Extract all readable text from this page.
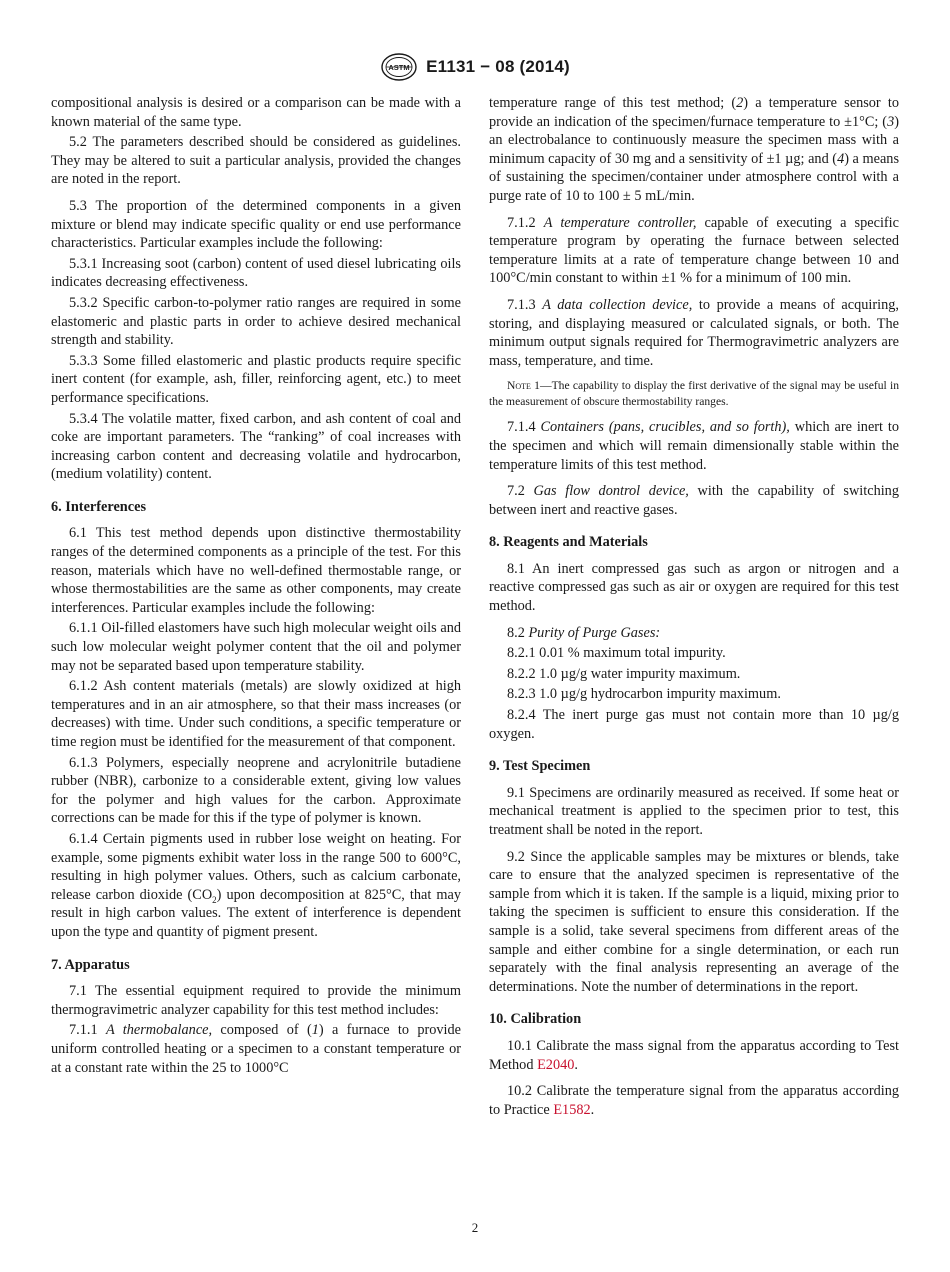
ASTM E1131 − 08 (2014)
compositional analysis is desired or a comparison can be made with a known material of the same type.
5.2 The parameters described should be considered as guidelines. They may be altered to suit a particular analysis, provided the changes are noted in the report.
5.3 The proportion of the determined components in a given mixture or blend may indicate specific quality or end use performance characteristics. Particular examples include the following:
5.3.1 Increasing soot (carbon) content of used diesel lubricating oils indicates decreasing effectiveness.
5.3.2 Specific carbon-to-polymer ratio ranges are required in some elastomeric and plastic parts in order to achieve desired mechanical strength and stability.
5.3.3 Some filled elastomeric and plastic products require specific inert content (for example, ash, filler, reinforcing agent, etc.) to meet performance specifications.
5.3.4 The volatile matter, fixed carbon, and ash content of coal and coke are important parameters. The “ranking” of coal increases with increasing carbon content and decreasing volatile and hydrocarbon, (medium volatility) content.
6. Interferences
6.1 This test method depends upon distinctive thermostability ranges of the determined components as a principle of the test. For this reason, materials which have no well-defined thermostable range, or whose thermostabilities are the same as other components, may create interferences. Particular examples include the following:
6.1.1 Oil-filled elastomers have such high molecular weight oils and such low molecular weight polymer content that the oil and polymer may not be separated based upon temperature stability.
6.1.2 Ash content materials (metals) are slowly oxidized at high temperatures and in an air atmosphere, so that their mass increases (or decreases) with time. Under such conditions, a specific temperature or time region must be identified for the measurement of that component.
6.1.3 Polymers, especially neoprene and acrylonitrile butadiene rubber (NBR), carbonize to a considerable extent, giving low values for the polymer and high values for the carbon. Approximate corrections can be made for this if the type of polymer is known.
6.1.4 Certain pigments used in rubber lose weight on heating. For example, some pigments exhibit water loss in the range 500 to 600°C, resulting in high polymer values. Others, such as calcium carbonate, release carbon dioxide $(CO_2)$ upon decomposition at 825°C, that may result in high carbon values. The extent of interference is dependent upon the type and quantity of pigment present.
7. Apparatus
7.1 The essential equipment required to provide the minimum thermogravimetric analyzer capability for this test method includes:
7.1.1 A thermobalance, composed of (1) a furnace to provide uniform controlled heating or a specimen to a constant temperature or at a constant rate within the 25 to 1000°C
temperature range of this test method; (2) a temperature sensor to provide an indication of the specimen/furnace temperature to ±1°C; (3) an electrobalance to continuously measure the specimen mass with a minimum capacity of 30 mg and a sensitivity of ±1 µg; and (4) a means of sustaining the specimen/container under atmosphere control with a purge rate of 10 to 100 ± 5 mL/min.
7.1.2 A temperature controller, capable of executing a specific temperature program by operating the furnace between selected temperature limits at a rate of temperature change between 10 and 100°C/min constant to within ±1 % for a minimum of 100 min.
7.1.3 A data collection device, to provide a means of acquiring, storing, and displaying measured or calculated signals, or both. The minimum output signals required for Thermogravimetric analyzers are mass, temperature, and time.
Note 1—The capability to display the first derivative of the signal may be useful in the measurement of obscure thermostability ranges.
7.1.4 Containers (pans, crucibles, and so forth), which are inert to the specimen and which will remain dimensionally stable within the temperature limits of this test method.
7.2 Gas flow dontrol device, with the capability of switching between inert and reactive gases.
8. Reagents and Materials
8.1 An inert compressed gas such as argon or nitrogen and a reactive compressed gas such as air or oxygen are required for this test method.
8.2 Purity of Purge Gases:
8.2.1 0.01 % maximum total impurity.
8.2.2 1.0 µg/g water impurity maximum.
8.2.3 1.0 µg/g hydrocarbon impurity maximum.
8.2.4 The inert purge gas must not contain more than 10 µg/g oxygen.
9. Test Specimen
9.1 Specimens are ordinarily measured as received. If some heat or mechanical treatment is applied to the specimen prior to test, this treatment shall be noted in the report.
9.2 Since the applicable samples may be mixtures or blends, take care to ensure that the analyzed specimen is representative of the sample from which it is taken. If the sample is a liquid, mixing prior to taking the specimen is sufficient to ensure this consideration. If the sample is a solid, take several specimens from different areas of the sample and either combine for a single determination, or each run separately with the final analysis representing an average of the determinations. Note the number of determinations in the report.
10. Calibration
10.1 Calibrate the mass signal from the apparatus according to Test Method E2040.
10.2 Calibrate the temperature signal from the apparatus according to Practice E1582.
2
